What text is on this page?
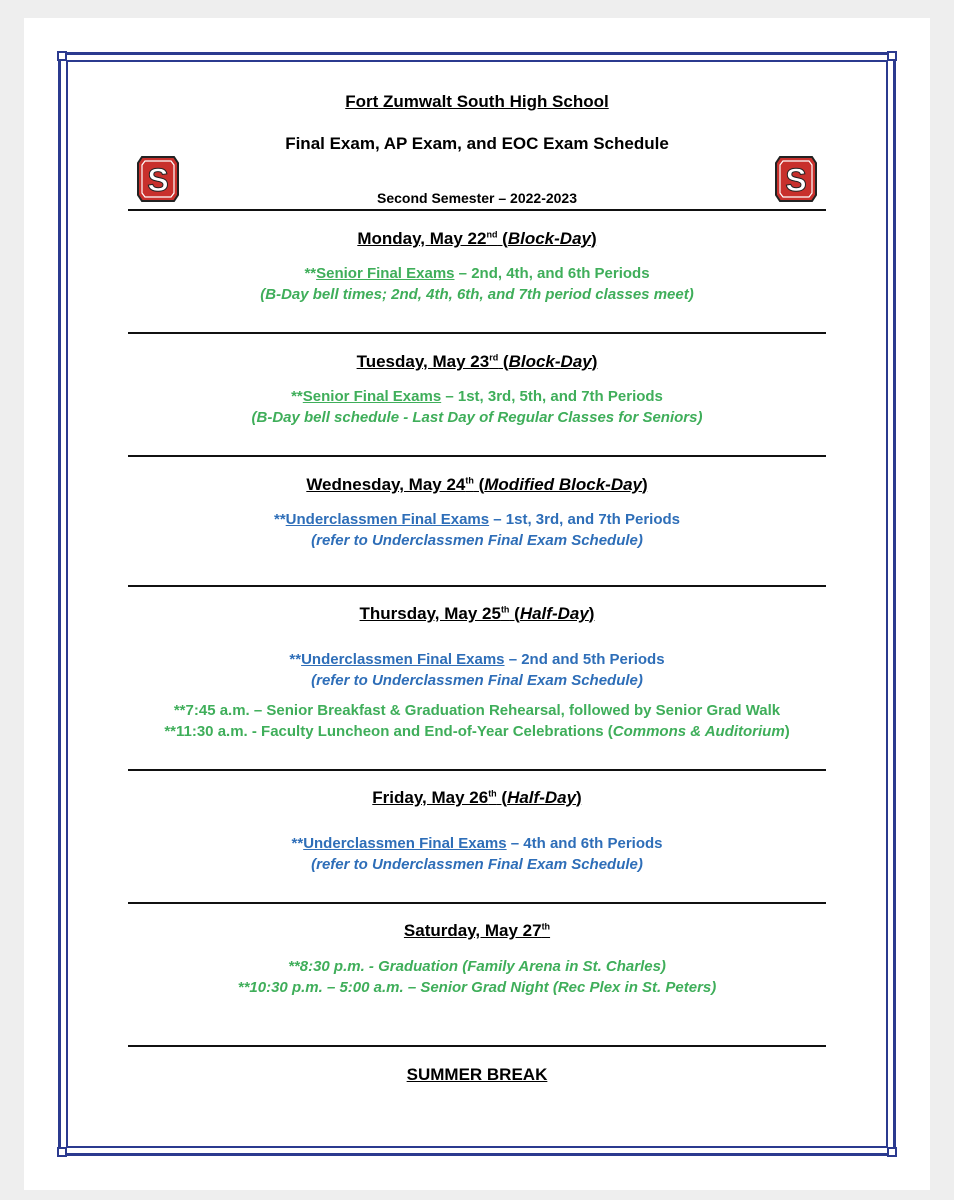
Fort Zumwalt South High School
Final Exam, AP Exam, and EOC Exam Schedule
Second Semester – 2022-2023
S	S
Monday, May 22nd (Block-Day)
**Senior Final Exams – 2nd, 4th, and 6th Periods
(B-Day bell times; 2nd, 4th, 6th, and 7th period classes meet)
Tuesday, May 23rd (Block-Day)
**Senior Final Exams – 1st, 3rd, 5th, and 7th Periods
(B-Day bell schedule - Last Day of Regular Classes for Seniors)
Wednesday, May 24th (Modified Block-Day)
**Underclassmen Final Exams – 1st, 3rd, and 7th Periods
(refer to Underclassmen Final Exam Schedule)
Thursday, May 25th (Half-Day)
**Underclassmen Final Exams – 2nd and 5th Periods
(refer to Underclassmen Final Exam Schedule)
**7:45 a.m. – Senior Breakfast & Graduation Rehearsal, followed by Senior Grad Walk
**11:30 a.m. - Faculty Luncheon and End-of-Year Celebrations (Commons & Auditorium)
Friday, May 26th (Half-Day)
**Underclassmen Final Exams – 4th and 6th Periods
(refer to Underclassmen Final Exam Schedule)
Saturday, May 27th
**8:30 p.m. - Graduation (Family Arena in St. Charles)
**10:30 p.m. – 5:00 a.m. – Senior Grad Night (Rec Plex in St. Peters)
SUMMER BREAK
